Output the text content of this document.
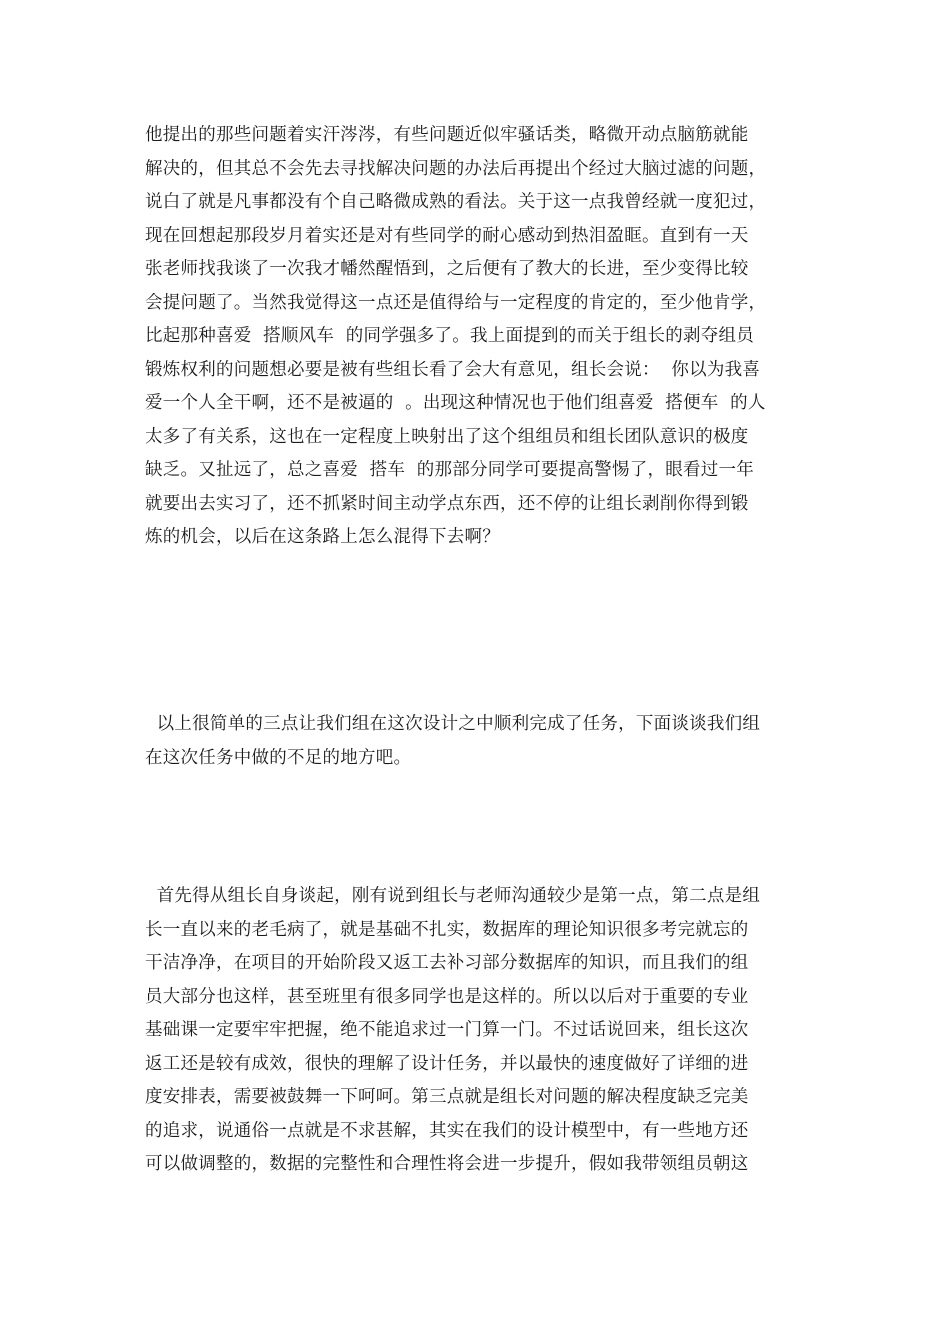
他提出的那些问题着实汗涔涔，有些问题近似牢骚话类，略微开动点脑筋就能
解决的，但其总不会先去寻找解决问题的办法后再提出个经过大脑过滤的问题，
说白了就是凡事都没有个自己略微成熟的看法。关于这一点我曾经就一度犯过，
现在回想起那段岁月着实还是对有些同学的耐心感动到热泪盈眶。直到有一天
张老师找我谈了一次我才幡然醒悟到，之后便有了教大的长进，至少变得比较
会提问题了。当然我觉得这一点还是值得给与一定程度的肯定的，至少他肯学，
比起那种喜爱  搭顺风车  的同学强多了。我上面提到的而关于组长的剥夺组员
锻炼权利的问题想必要是被有些组长看了会大有意见，组长会说：  你以为我喜
爱一个人全干啊，还不是被逼的  。出现这种情况也于他们组喜爱  搭便车  的人
太多了有关系，这也在一定程度上映射出了这个组组员和组长团队意识的极度
缺乏。又扯远了，总之喜爱  搭车  的那部分同学可要提高警惕了，眼看过一年
就要出去实习了，还不抓紧时间主动学点东西，还不停的让组长剥削你得到锻
炼的机会，以后在这条路上怎么混得下去啊？
以上很简单的三点让我们组在这次设计之中顺利完成了任务，下面谈谈我们组
在这次任务中做的不足的地方吧。
首先得从组长自身谈起，刚有说到组长与老师沟通较少是第一点，第二点是组
长一直以来的老毛病了，就是基础不扎实，数据库的理论知识很多考完就忘的
干洁净净，在项目的开始阶段又返工去补习部分数据库的知识，而且我们的组
员大部分也这样，甚至班里有很多同学也是这样的。所以以后对于重要的专业
基础课一定要牢牢把握，绝不能追求过一门算一门。不过话说回来，组长这次
返工还是较有成效，很快的理解了设计任务，并以最快的速度做好了详细的进
度安排表，需要被鼓舞一下呵呵。第三点就是组长对问题的解决程度缺乏完美
的追求，说通俗一点就是不求甚解，其实在我们的设计模型中，有一些地方还
可以做调整的，数据的完整性和合理性将会进一步提升，假如我带领组员朝这
